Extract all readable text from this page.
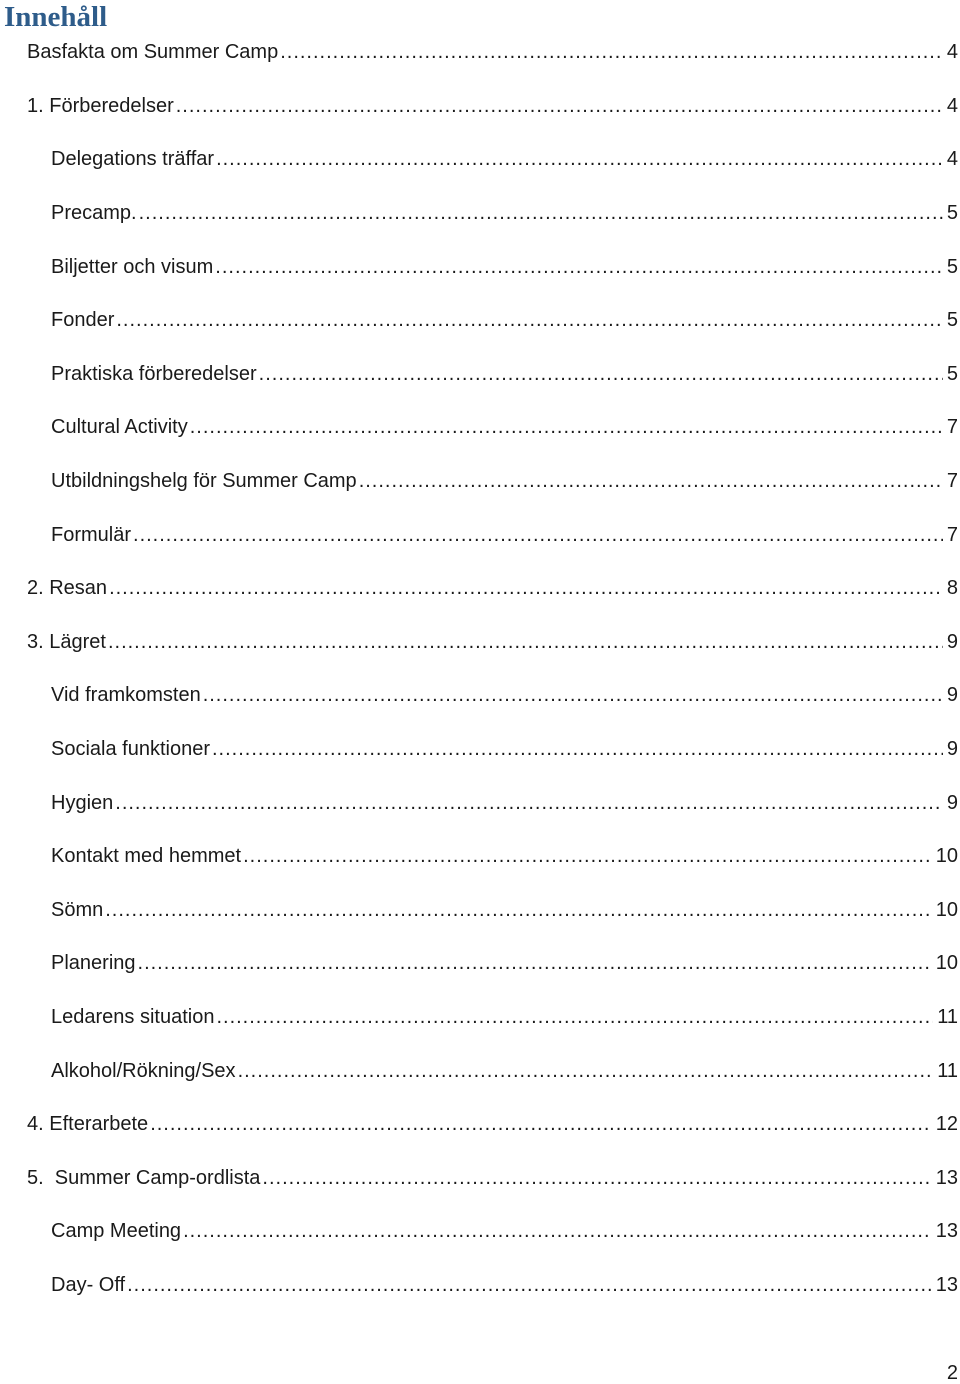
Innehåll
Basfakta om Summer Camp .....	4
1. Förberedelser .....	4
Delegations träffar .....	4
Precamp. .....	5
Biljetter och visum .....	5
Fonder .....	5
Praktiska förberedelser .....	5
Cultural Activity .....	7
Utbildningshelg för Summer Camp .....	7
Formulär .....	7
2. Resan .....	8
3. Lägret .....	9
Vid framkomsten .....	9
Sociala funktioner .....	9
Hygien .....	9
Kontakt med hemmet .....	10
Sömn .....	10
Planering .....	10
Ledarens situation .....	11
Alkohol/Rökning/Sex .....	11
4. Efterarbete .....	12
5.  Summer Camp-ordlista .....	13
Camp Meeting .....	13
Day- Off .....	13
2
